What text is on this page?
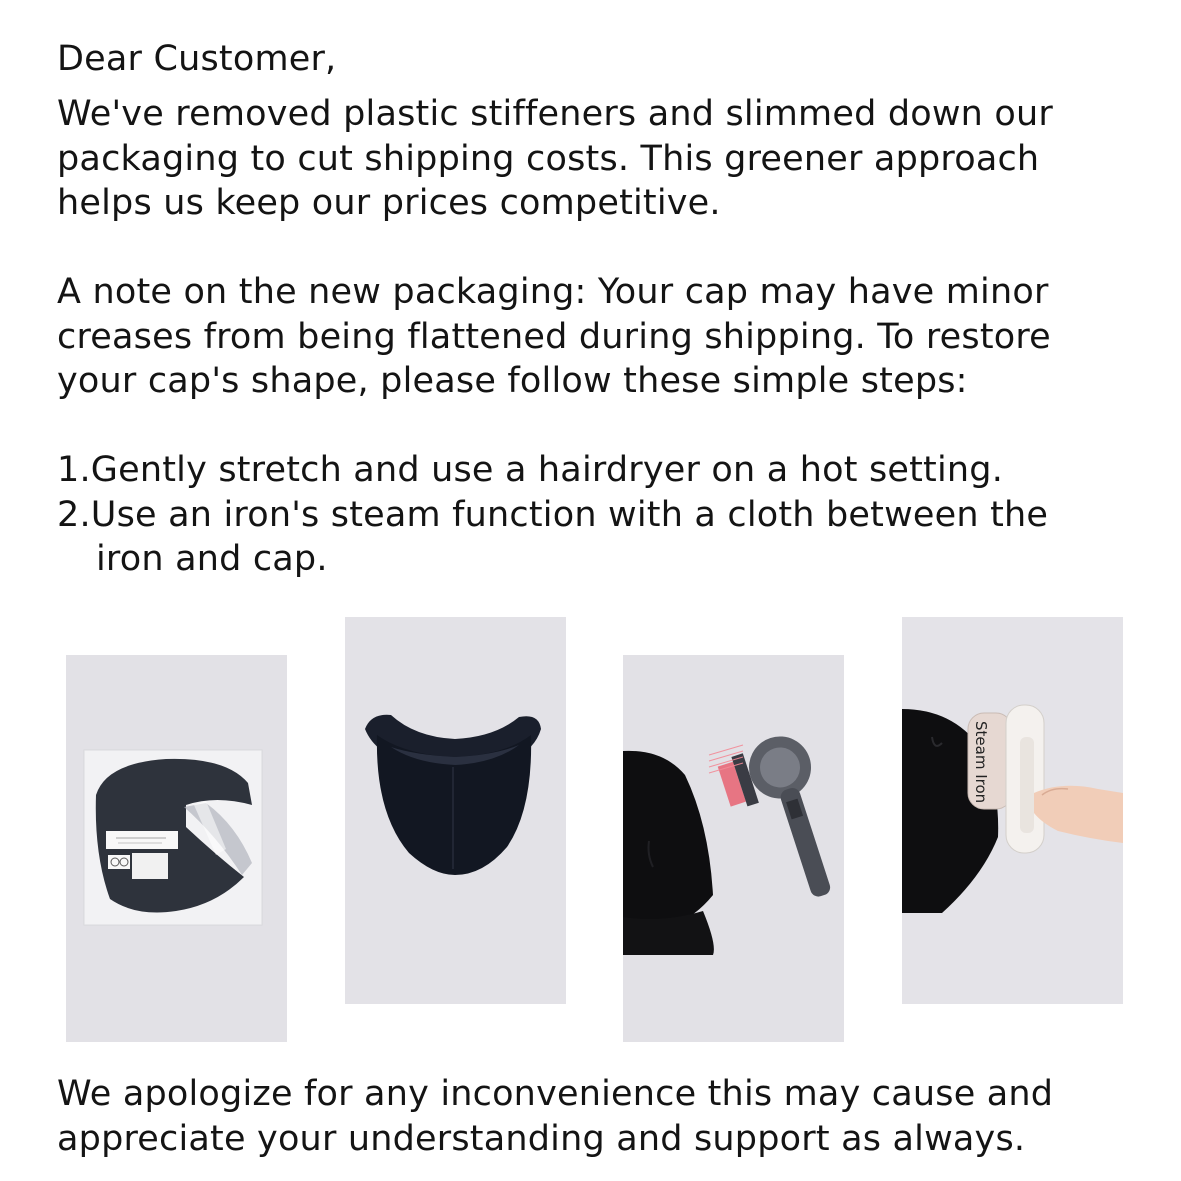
Dear Customer,

We've removed plastic stiffeners and slimmed down our
packaging to cut shipping costs. This greener approach
helps us keep our prices competitive.

A note on the new packaging: Your cap may have minor
creases from being flattened during shipping. To restore
your cap's shape, please follow these simple steps:

1.Gently stretch and use a hairdryer on a hot setting.
2.Use an iron's steam function with a cloth between the
iron and cap.
Steam Iron

We apologize for any inconvenience this may cause and
appreciate your understanding and support as always.
